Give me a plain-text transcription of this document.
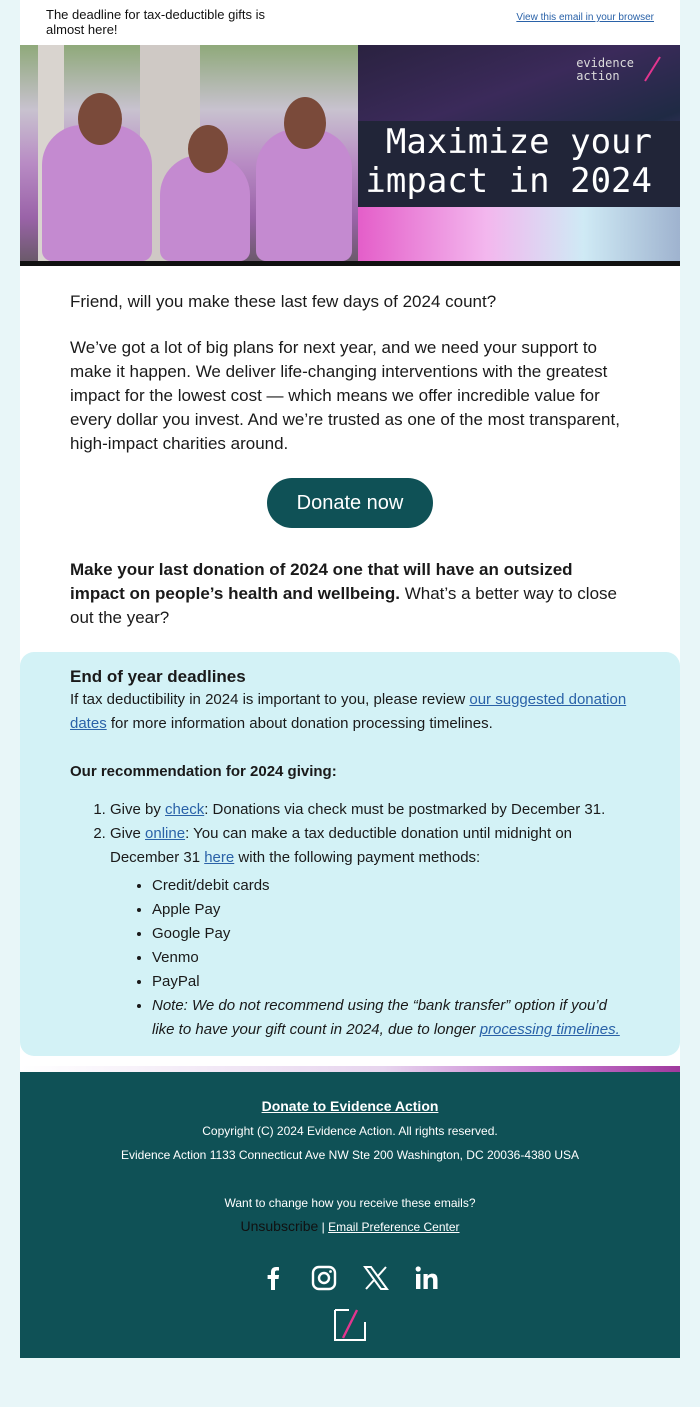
The deadline for tax-deductible gifts is almost here!
View this email in your browser
Maximize your impact in 2024
evidence
action

Friend, will you make these last few days of 2024 count?

We’ve got a lot of big plans for next year, and we need your support to make it happen. We deliver life-changing interventions with the greatest impact for the lowest cost — which means we offer incredible value for every dollar you invest. And we’re trusted as one of the most transparent, high-impact charities around.

Donate now

Make your last donation of 2024 one that will have an outsized impact on people’s health and wellbeing. What’s a better way to close out the year?

End of year deadlines

If tax deductibility in 2024 is important to you, please review our suggested donation dates for more information about donation processing timelines.

Our recommendation for 2024 giving:

1. Give by check: Donations via check must be postmarked by December 31.
2. Give online: You can make a tax deductible donation until midnight on December 31 here with the following payment methods:
• Credit/debit cards
• Apple Pay
• Google Pay
• Venmo
• PayPal
• Note: We do not recommend using the “bank transfer” option if you’d like to have your gift count in 2024, due to longer processing timelines.
Donate to Evidence Action
Copyright (C) 2024 Evidence Action. All rights reserved.
Evidence Action 1133 Connecticut Ave NW Ste 200 Washington, DC 20036-4380 USA
Want to change how you receive these emails?
Unsubscribe | Email Preference Center
